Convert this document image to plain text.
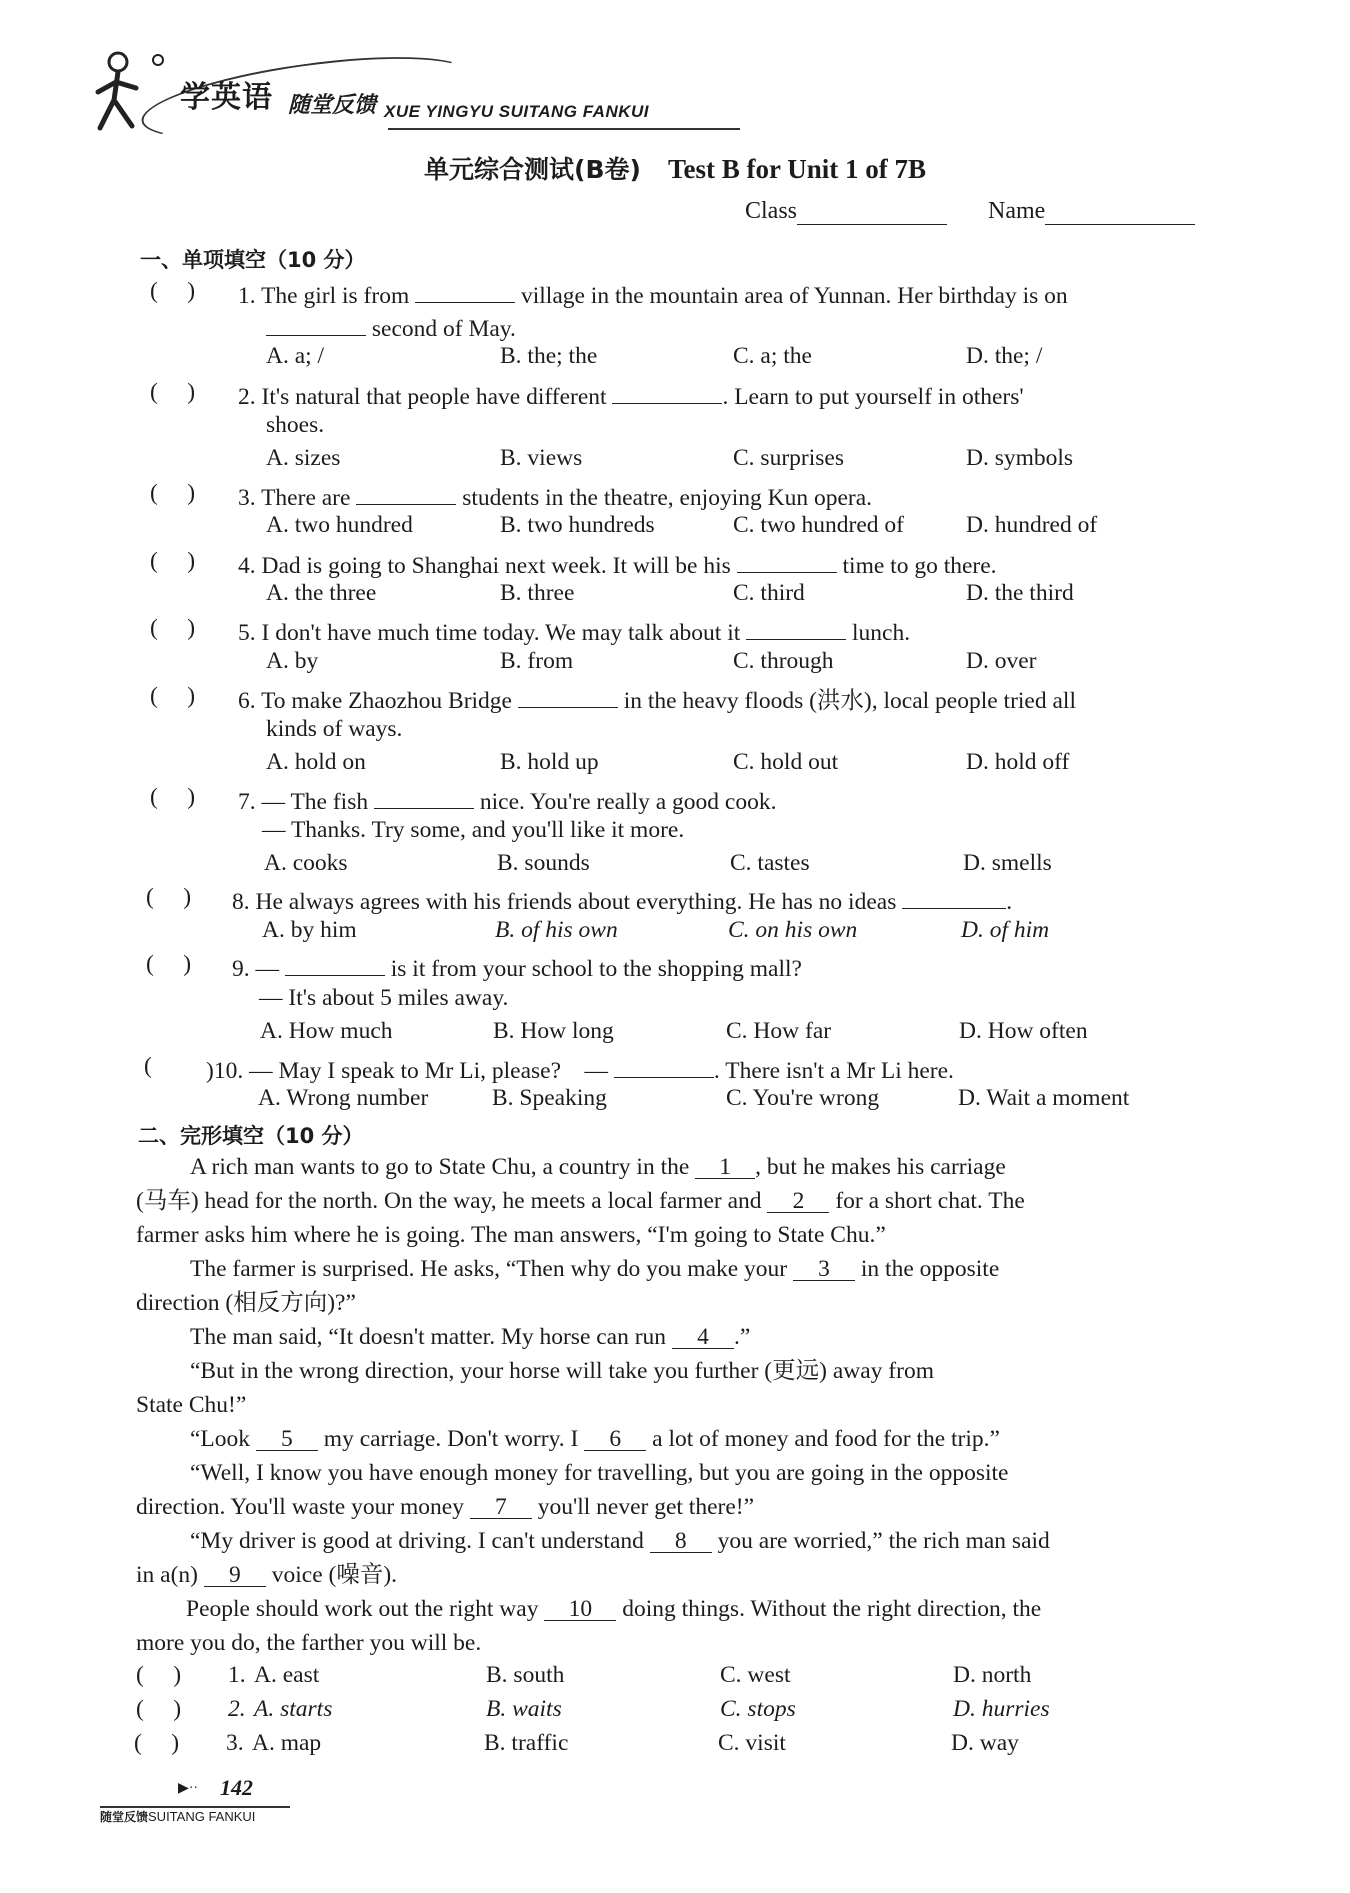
学英语 随堂反馈 XUE YINGYU SUITANG FANKUI
单元综合测试(B卷) Test B for Unit 1 of 7B
Class	Name
一、单项填空（10 分）
(     ) 1. The girl is from	village in the mountain area of Yunnan. Her birthday is on
second of May.
A. a; /	B. the; the	C. a; the	D. the; /
(     ) 2. It's natural that people have different	. Learn to put yourself in others'
shoes.
A. sizes	B. views	C. surprises	D. symbols
(     ) 3. There are	students in the theatre, enjoying Kun opera.
A. two hundred	B. two hundreds	C. two hundred of	D. hundred of
(     ) 4. Dad is going to Shanghai next week. It will be his	time to go there.
A. the three	B. three	C. third	D. the third
(     ) 5. I don't have much time today. We may talk about it	lunch.
A. by	B. from	C. through	D. over
(     ) 6. To make Zhaozhou Bridge	in the heavy floods (洪水), local people tried all
kinds of ways.
A. hold on	B. hold up	C. hold out	D. hold off
(     ) 7. — The fish	nice. You're really a good cook.
— Thanks. Try some, and you'll like it more.
A. cooks	B. sounds	C. tastes	D. smells
(     ) 8. He always agrees with his friends about everything. He has no ideas	.
A. by him	B. of his own	C. on his own	D. of him
(     ) 9. —	is it from your school to the shopping mall?
— It's about 5 miles away.
A. How much	B. How long	C. How far	D. How often
( )10. — May I speak to Mr Li, please? —	. There isn't a Mr Li here.
A. Wrong number	B. Speaking	C. You're wrong	D. Wait a moment
二、完形填空（10 分）
A rich man wants to go to State Chu, a country in the 1 , but he makes his carriage
(马车) head for the north. On the way, he meets a local farmer and 2 for a short chat. The
farmer asks him where he is going. The man answers, “I'm going to State Chu.”
The farmer is surprised. He asks, “Then why do you make your 3 in the opposite
direction (相反方向)?”
The man said, “It doesn't matter. My horse can run 4 .”
“But in the wrong direction, your horse will take you further (更远) away from
State Chu!”
“Look 5 my carriage. Don't worry. I 6 a lot of money and food for the trip.”
“Well, I know you have enough money for travelling, but you are going in the opposite
direction. You'll waste your money 7 you'll never get there!”
“My driver is good at driving. I can't understand 8 you are worried,” the rich man said
in a(n) 9 voice (噪音).
People should work out the right way 10 doing things. Without the right direction, the
more you do, the farther you will be.
(     ) 1. A. east	B. south	C. west	D. north
(     ) 2. A. starts	B. waits	C. stops	D. hurries
(     ) 3. A. map	B. traffic	C. visit	D. way
▶·· 142
随堂反馈SUITANG FANKUI
